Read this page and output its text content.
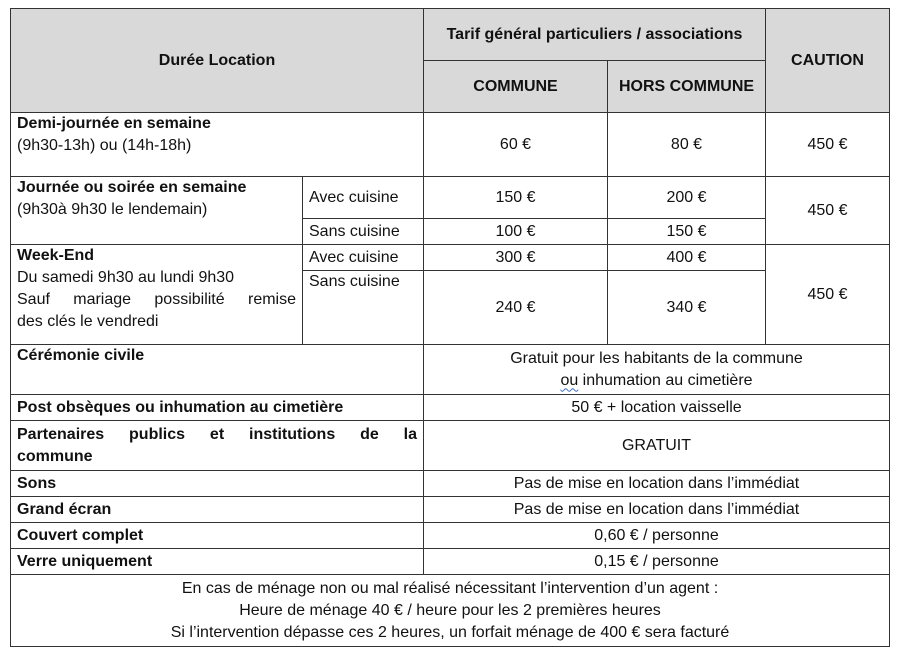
Durée Location		Tarif général particuliers / associations		CAUTION
		COMMUNE	HORS COMMUNE	

Demi-journée en semaine
(9h30-13h) ou (14h-18h)		60 €	80 €	450 €

Journée ou soirée en semaine
(9h30à 9h30 le lendemain)	Avec cuisine	150 €	200 €	450 €
	Sans cuisine	100 €	150 €	

Week-End
Du samedi 9h30 au lundi 9h30
Sauf mariage possibilité remise
des clés le vendredi	Avec cuisine	300 €	400 €	450 €
	Sans cuisine	240 €	340 €	
Cérémonie civile		Gratuit pour les habitants de la commune
ou inhumation au cimetière		

Post obsèques ou inhumation au cimetière		50 € + location vaisselle		

Partenaires publics et institutions de la
commune		GRATUIT		
Sons		Pas de mise en location dans l’immédiat		
Grand écran		Pas de mise en location dans l’immédiat		
Couvert complet		0,60 € / personne		
Verre uniquement		0,15 € / personne		

En cas de ménage non ou mal réalisé nécessitant l’intervention d’un agent :
Heure de ménage 40 € / heure pour les 2 premières heures
Si l’intervention dépasse ces 2 heures, un forfait ménage de 400 € sera facturé				
